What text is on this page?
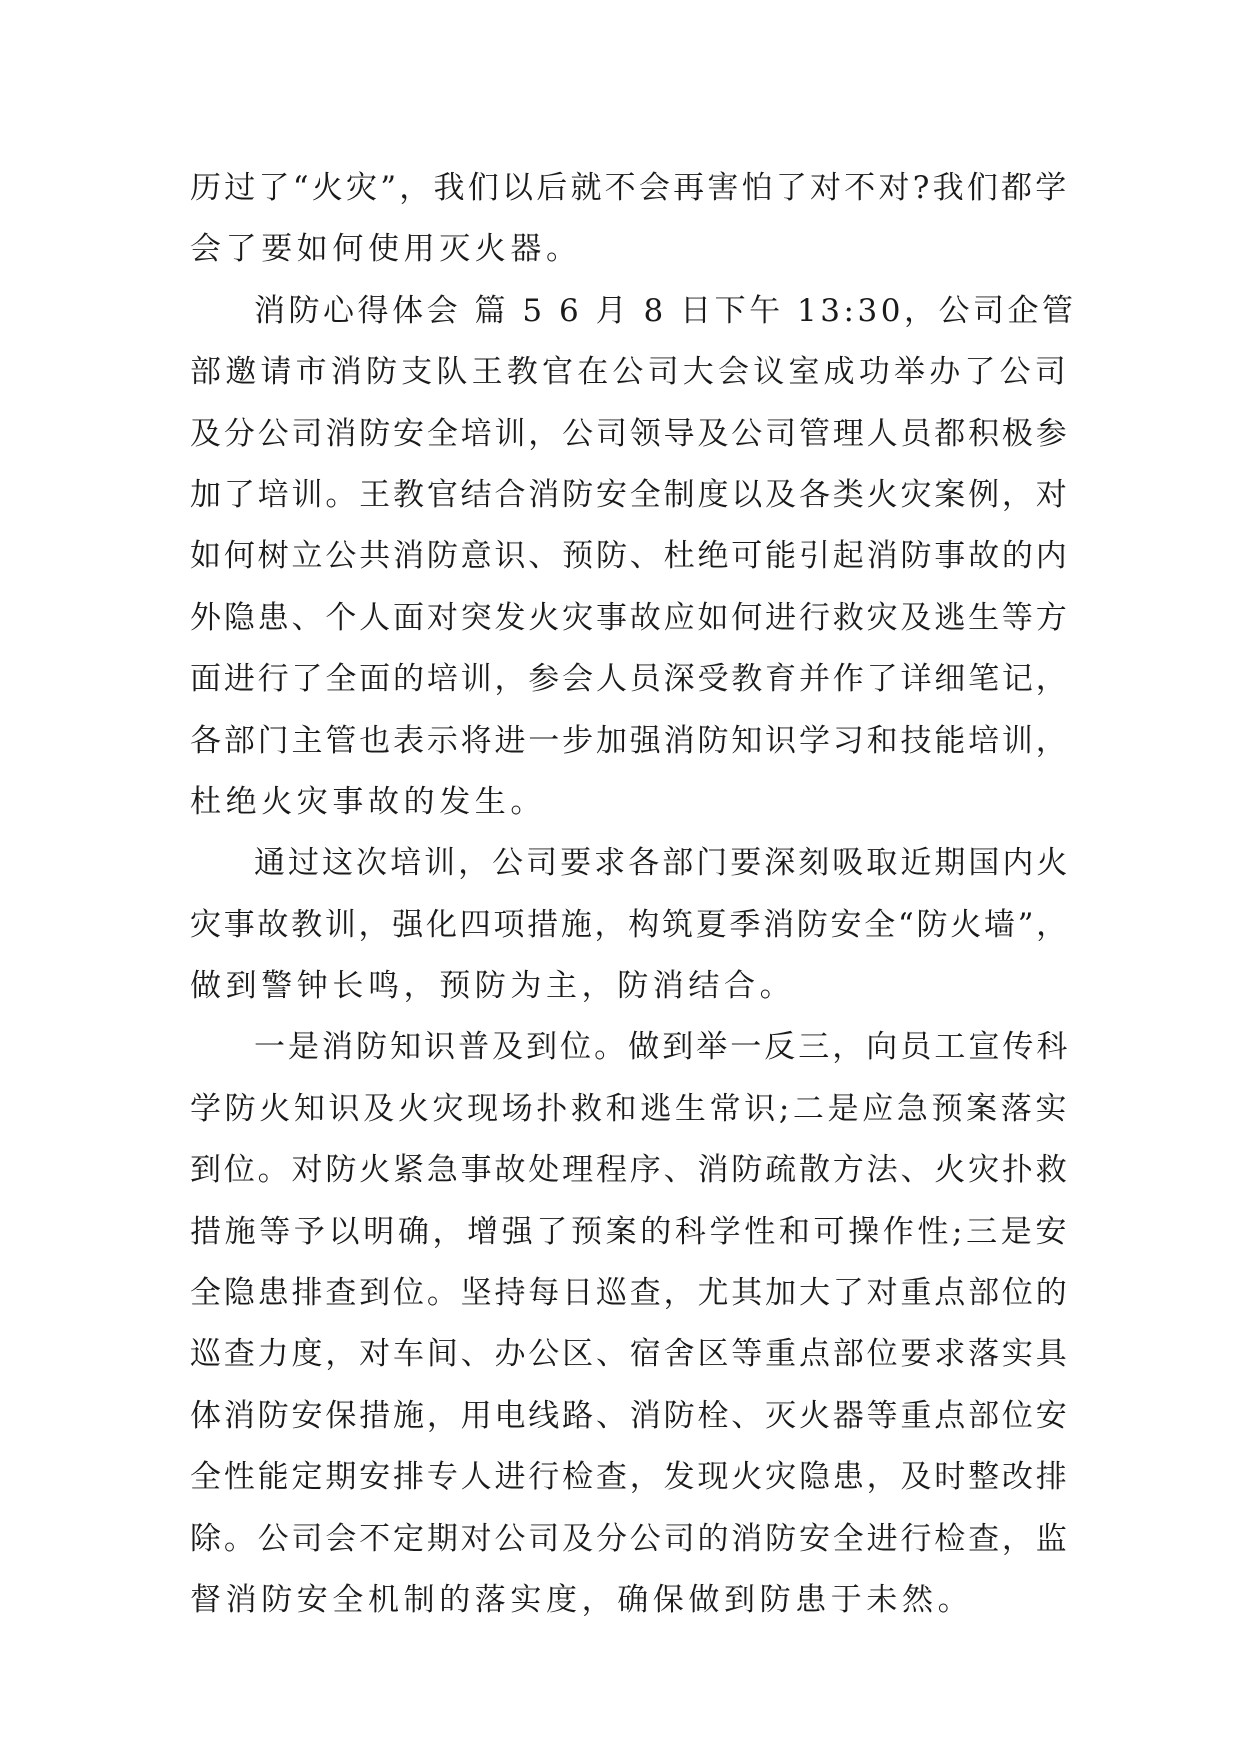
历过了“火灾”，我们以后就不会再害怕了对不对?我们都学
会了要如何使用灭火器。
消防心得体会 篇 5 6 月 8 日下午 13:30，公司企管
部邀请市消防支队王教官在公司大会议室成功举办了公司
及分公司消防安全培训，公司领导及公司管理人员都积极参
加了培训。王教官结合消防安全制度以及各类火灾案例，对
如何树立公共消防意识、预防、杜绝可能引起消防事故的内
外隐患、个人面对突发火灾事故应如何进行救灾及逃生等方
面进行了全面的培训，参会人员深受教育并作了详细笔记，
各部门主管也表示将进一步加强消防知识学习和技能培训，
杜绝火灾事故的发生。
通过这次培训，公司要求各部门要深刻吸取近期国内火
灾事故教训，强化四项措施，构筑夏季消防安全“防火墙”，
做到警钟长鸣，预防为主，防消结合。
一是消防知识普及到位。做到举一反三，向员工宣传科
学防火知识及火灾现场扑救和逃生常识;二是应急预案落实
到位。对防火紧急事故处理程序、消防疏散方法、火灾扑救
措施等予以明确，增强了预案的科学性和可操作性;三是安
全隐患排查到位。坚持每日巡查，尤其加大了对重点部位的
巡查力度，对车间、办公区、宿舍区等重点部位要求落实具
体消防安保措施，用电线路、消防栓、灭火器等重点部位安
全性能定期安排专人进行检查，发现火灾隐患，及时整改排
除。公司会不定期对公司及分公司的消防安全进行检查，监
督消防安全机制的落实度，确保做到防患于未然。
